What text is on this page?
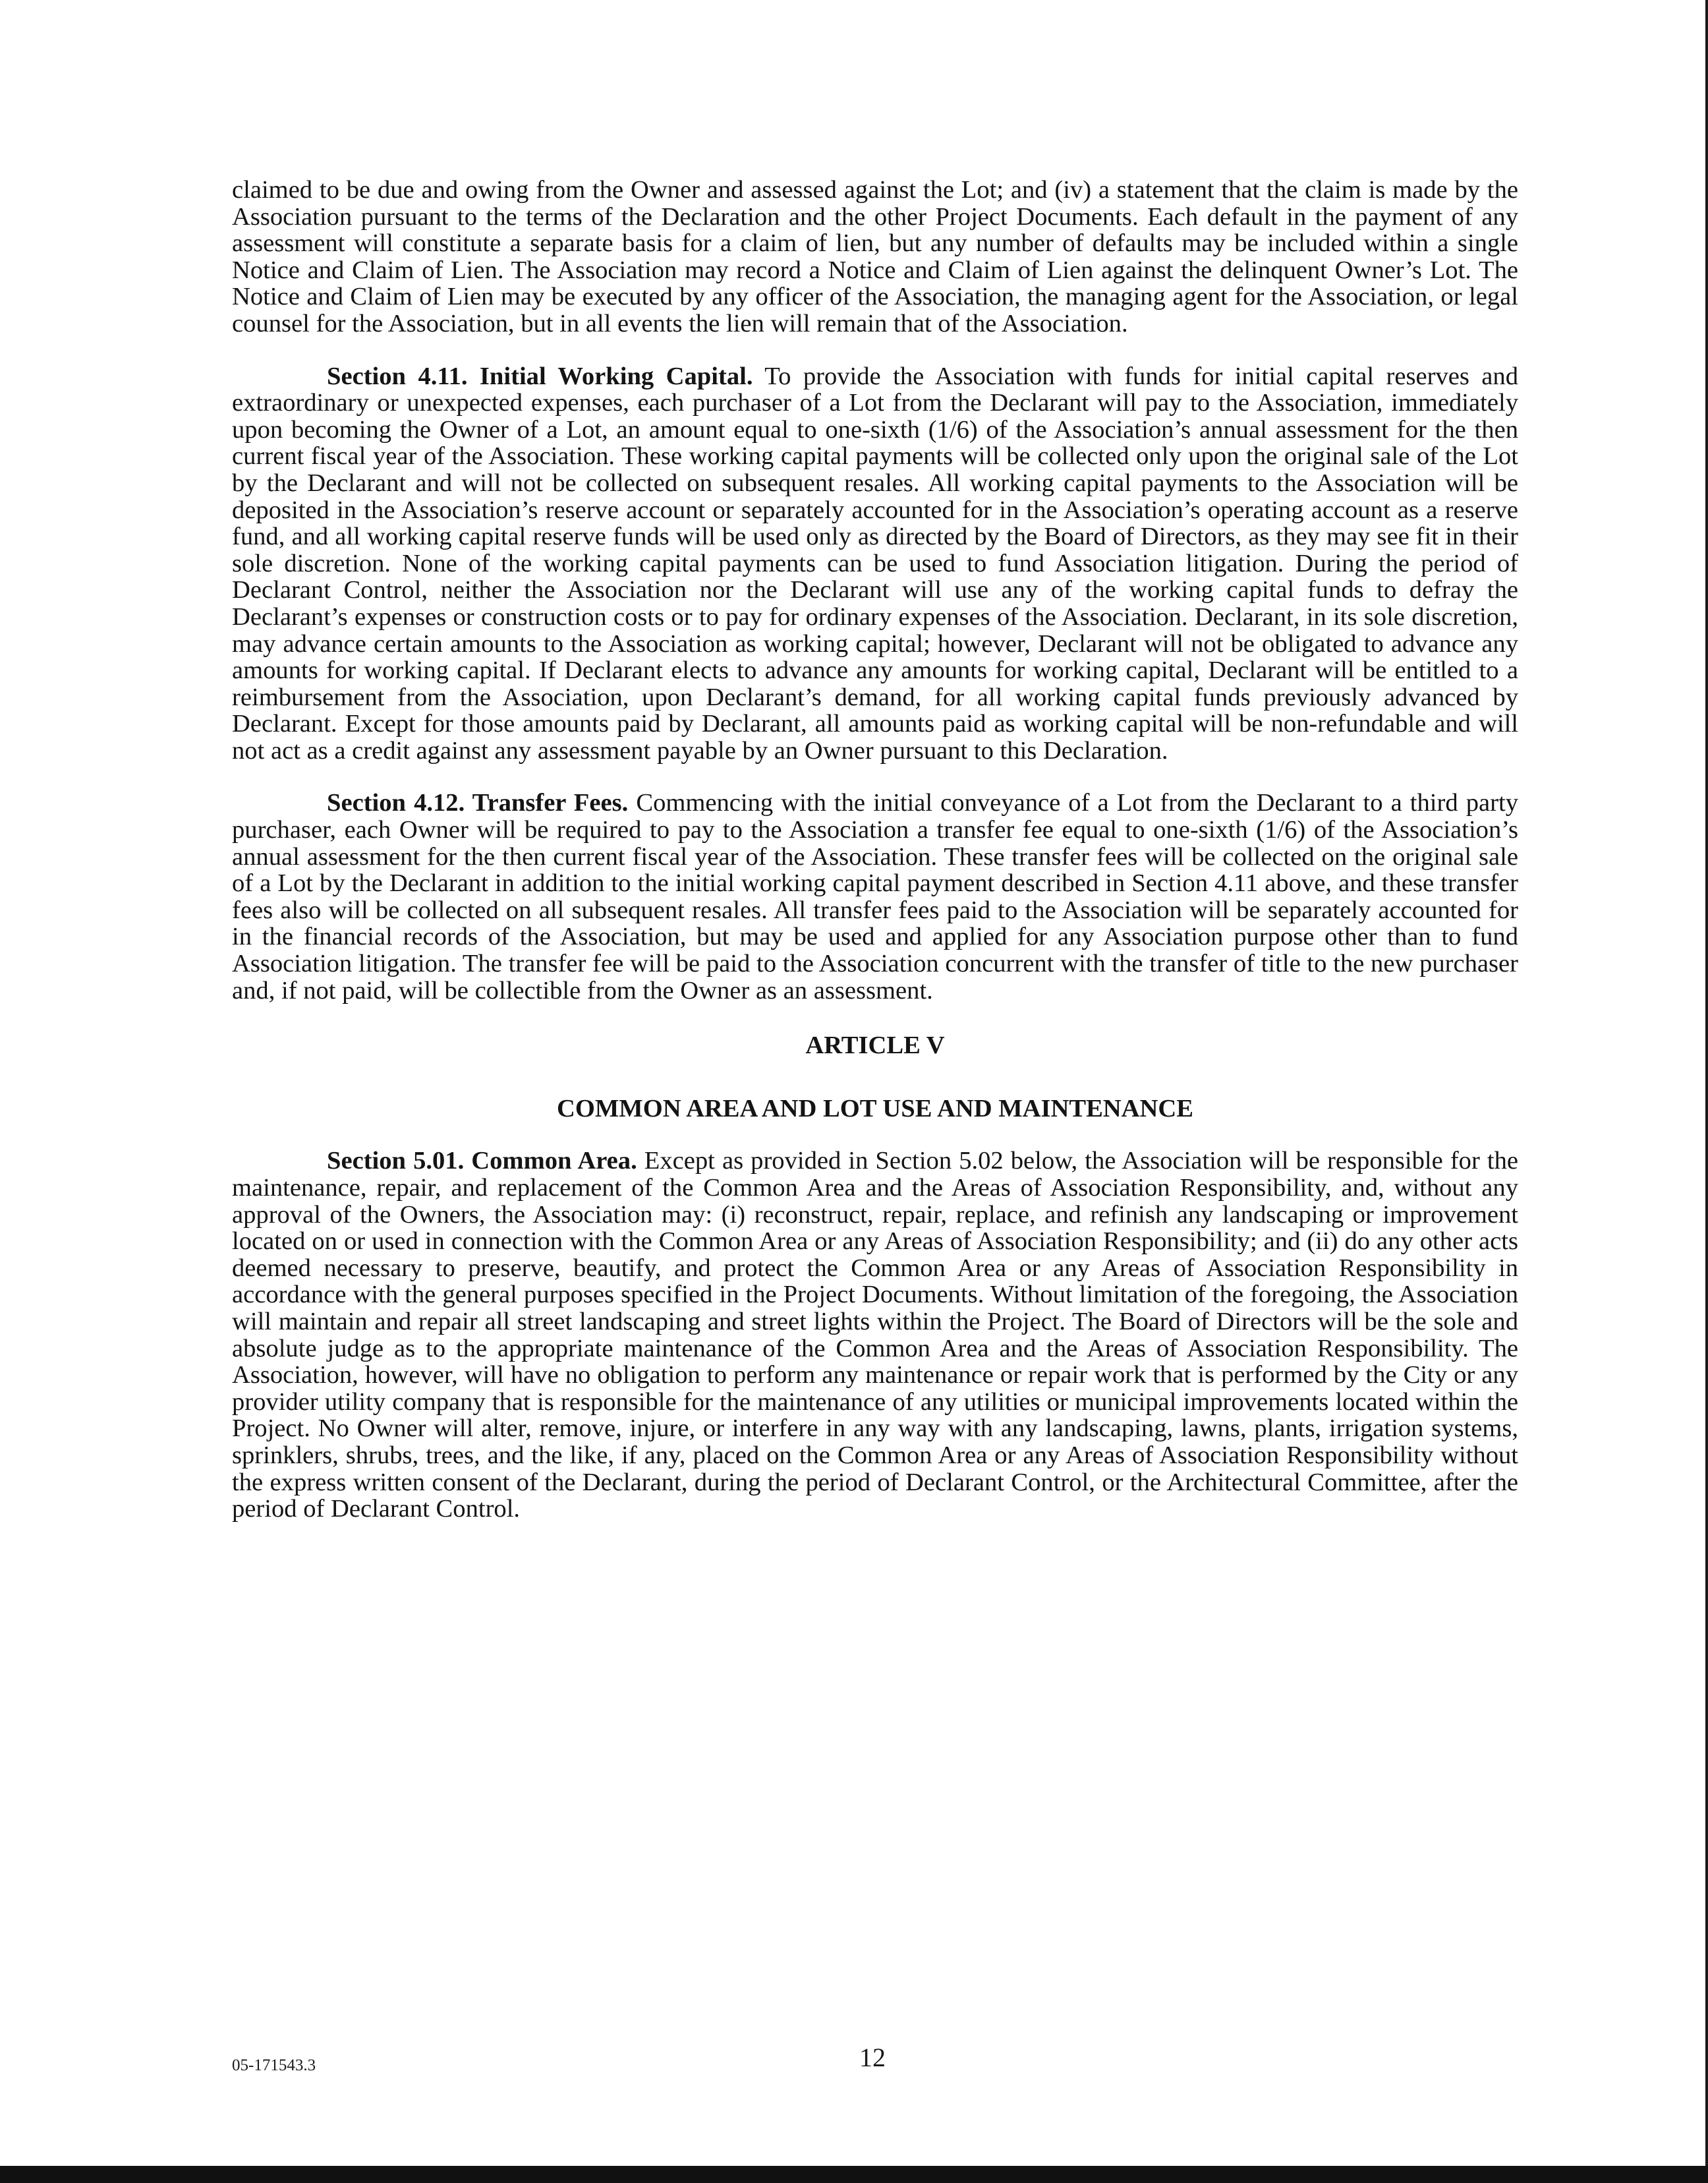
claimed to be due and owing from the Owner and assessed against the Lot; and (iv) a statement that the claim is made by the Association pursuant to the terms of the Declaration and the other Project Documents. Each default in the payment of any assessment will constitute a separate basis for a claim of lien, but any number of defaults may be included within a single Notice and Claim of Lien. The Association may record a Notice and Claim of Lien against the delinquent Owner’s Lot. The Notice and Claim of Lien may be executed by any officer of the Association, the managing agent for the Association, or legal counsel for the Association, but in all events the lien will remain that of the Association.

Section 4.11. Initial Working Capital. To provide the Association with funds for initial capital reserves and extraordinary or unexpected expenses, each purchaser of a Lot from the Declarant will pay to the Association, immediately upon becoming the Owner of a Lot, an amount equal to one-sixth (1/6) of the Association’s annual assessment for the then current fiscal year of the Association. These working capital payments will be collected only upon the original sale of the Lot by the Declarant and will not be collected on subsequent resales. All working capital payments to the Association will be deposited in the Association’s reserve account or separately accounted for in the Association’s operating account as a reserve fund, and all working capital reserve funds will be used only as directed by the Board of Directors, as they may see fit in their sole discretion. None of the working capital payments can be used to fund Association litigation. During the period of Declarant Control, neither the Association nor the Declarant will use any of the working capital funds to defray the Declarant’s expenses or construction costs or to pay for ordinary expenses of the Association. Declarant, in its sole discretion, may advance certain amounts to the Association as working capital; however, Declarant will not be obligated to advance any amounts for working capital. If Declarant elects to advance any amounts for working capital, Declarant will be entitled to a reimbursement from the Association, upon Declarant’s demand, for all working capital funds previously advanced by Declarant. Except for those amounts paid by Declarant, all amounts paid as working capital will be non-refundable and will not act as a credit against any assessment payable by an Owner pursuant to this Declaration.

Section 4.12. Transfer Fees. Commencing with the initial conveyance of a Lot from the Declarant to a third party purchaser, each Owner will be required to pay to the Association a transfer fee equal to one-sixth (1/6) of the Association’s annual assessment for the then current fiscal year of the Association. These transfer fees will be collected on the original sale of a Lot by the Declarant in addition to the initial working capital payment described in Section 4.11 above, and these transfer fees also will be collected on all subsequent resales. All transfer fees paid to the Association will be separately accounted for in the financial records of the Association, but may be used and applied for any Association purpose other than to fund Association litigation. The transfer fee will be paid to the Association concurrent with the transfer of title to the new purchaser and, if not paid, will be collectible from the Owner as an assessment.

ARTICLE V

COMMON AREA AND LOT USE AND MAINTENANCE

Section 5.01. Common Area. Except as provided in Section 5.02 below, the Association will be responsible for the maintenance, repair, and replacement of the Common Area and the Areas of Association Responsibility, and, without any approval of the Owners, the Association may: (i) reconstruct, repair, replace, and refinish any landscaping or improvement located on or used in connection with the Common Area or any Areas of Association Responsibility; and (ii) do any other acts deemed necessary to preserve, beautify, and protect the Common Area or any Areas of Association Responsibility in accordance with the general purposes specified in the Project Documents. Without limitation of the foregoing, the Association will maintain and repair all street landscaping and street lights within the Project. The Board of Directors will be the sole and absolute judge as to the appropriate maintenance of the Common Area and the Areas of Association Responsibility. The Association, however, will have no obligation to perform any maintenance or repair work that is performed by the City or any provider utility company that is responsible for the maintenance of any utilities or municipal improvements located within the Project. No Owner will alter, remove, injure, or interfere in any way with any landscaping, lawns, plants, irrigation systems, sprinklers, shrubs, trees, and the like, if any, placed on the Common Area or any Areas of Association Responsibility without the express written consent of the Declarant, during the period of Declarant Control, or the Architectural Committee, after the period of Declarant Control.

05-171543.3	12
